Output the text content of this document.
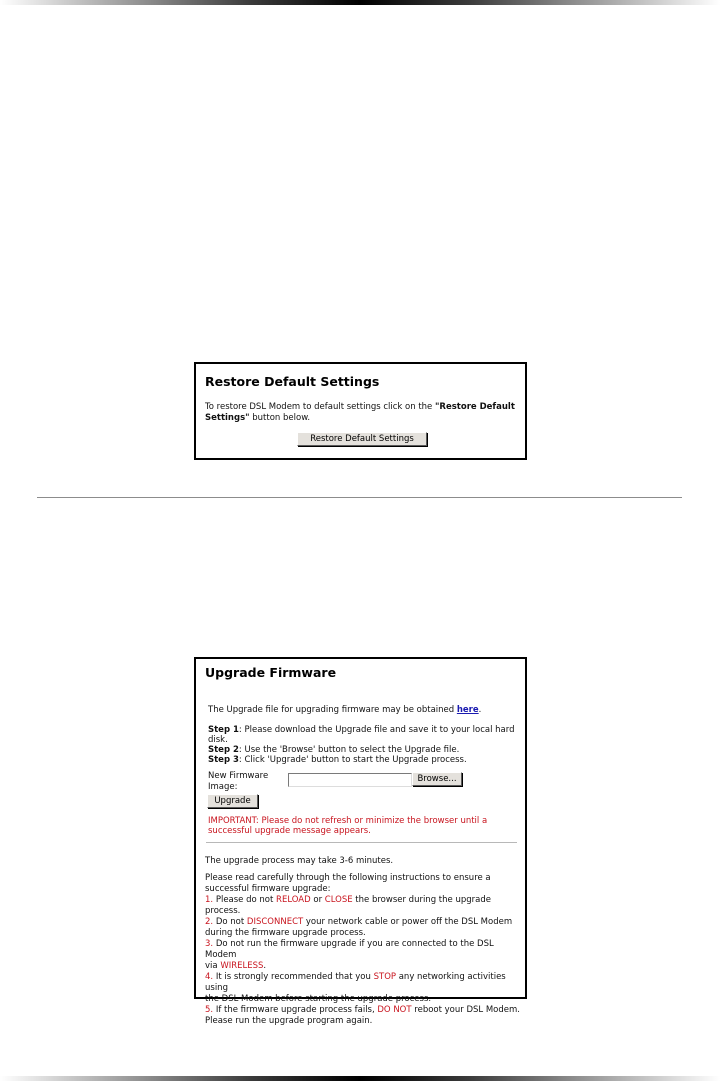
Restore Default Settings
To restore DSL Modem to default settings click on the "Restore Default Settings" button below.
Restore Default Settings
Upgrade Firmware
The Upgrade file for upgrading firmware may be obtained here.
Step 1: Please download the Upgrade file and save it to your local hard
disk.
Step 2: Use the 'Browse' button to select the Upgrade file.
Step 3: Click 'Upgrade' button to start the Upgrade process.
New Firmware
Image:
Browse...
Upgrade
IMPORTANT: Please do not refresh or minimize the browser until a
successful upgrade message appears.
The upgrade process may take 3-6 minutes.
Please read carefully through the following instructions to ensure a
successful firmware upgrade:
1. Please do not RELOAD or CLOSE the browser during the upgrade process.
2. Do not DISCONNECT your network cable or power off the DSL Modem
during the firmware upgrade process.
3. Do not run the firmware upgrade if you are connected to the DSL Modem
via WIRELESS.
4. It is strongly recommended that you STOP any networking activities using
the DSL Modem before starting the upgrade process.
5. If the firmware upgrade process fails, DO NOT reboot your DSL Modem.
Please run the upgrade program again.
